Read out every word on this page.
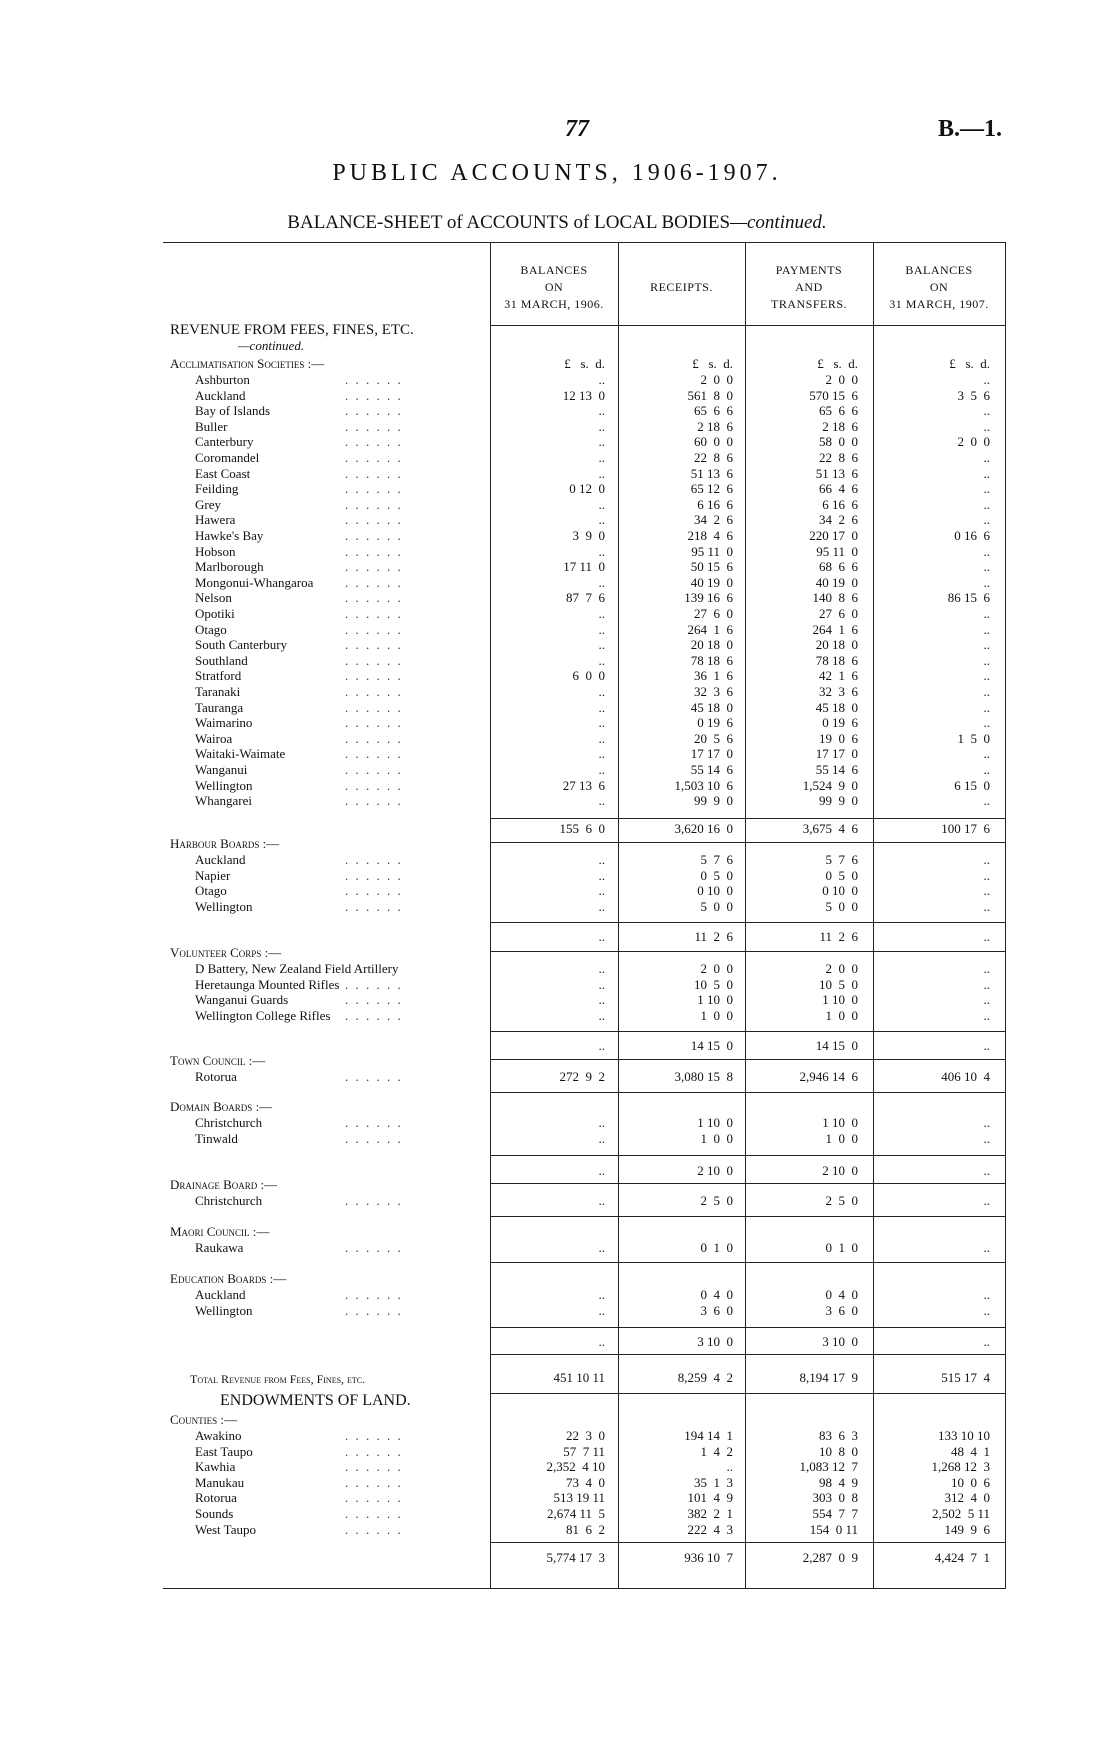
77	B.—1.
PUBLIC ACCOUNTS, 1906-1907.
BALANCE-SHEET of ACCOUNTS of LOCAL BODIES—continued.
BALANCES
ON
31 MARCH, 1906.
RECEIPTS.
PAYMENTS
AND
TRANSFERS.
BALANCES
ON
31 MARCH, 1907.
REVENUE FROM FEES, FINES, ETC.
—continued.
£   s.  d.	£   s.  d.	£   s.  d.	£   s.  d.
Acclimatisation Societies :—
Ashburton	. . . . . .	..	2  0  0	2  0  0	..
Auckland	. . . . . .	12 13  0	561  8  0	570 15  6	3  5  6
Bay of Islands	. . . . . .	..	65  6  6	65  6  6	..
Buller	. . . . . .	..	2 18  6	2 18  6	..
Canterbury	. . . . . .	..	60  0  0	58  0  0	2  0  0
Coromandel	. . . . . .	..	22  8  6	22  8  6	..
East Coast	. . . . . .	..	51 13  6	51 13  6	..
Feilding	. . . . . .	0 12  0	65 12  6	66  4  6	..
Grey	. . . . . .	..	6 16  6	6 16  6	..
Hawera	. . . . . .	..	34  2  6	34  2  6	..
Hawke's Bay	. . . . . .	3  9  0	218  4  6	220 17  0	0 16  6
Hobson	. . . . . .	..	95 11  0	95 11  0	..
Marlborough	. . . . . .	17 11  0	50 15  6	68  6  6	..
Mongonui-Whangaroa . . . . . .	..	40 19  0	40 19  0	..
Nelson	. . . . . .	87  7  6	139 16  6	140  8  6	86 15  6
Opotiki	. . . . . .	..	27  6  0	27  6  0	..
Otago	. . . . . .	..	264  1  6	264  1  6	..
South Canterbury	. . . . . .	..	20 18  0	20 18  0	..
Southland	. . . . . .	..	78 18  6	78 18  6	..
Stratford	. . . . . .	6  0  0	36  1  6	42  1  6	..
Taranaki	. . . . . .	..	32  3  6	32  3  6	..
Tauranga	. . . . . .	..	45 18  0	45 18  0	..
Waimarino	. . . . . .	..	0 19  6	0 19  6	..
Wairoa	. . . . . .	..	20  5  6	19  0  6	1  5  0
Waitaki-Waimate	. . . . . .	..	17 17  0	17 17  0	..
Wanganui	. . . . . .	..	55 14  6	55 14  6	..
Wellington	. . . . . .	27 13  6	1,503 10  6	1,524  9  0	6 15  0
Whangarei	. . . . . .	..	99  9  0	99  9  0	..
155  6  0	3,620 16  0	3,675  4  6	100 17  6
Harbour Boards :—
Auckland	. . . . . .	..	5  7  6	5  7  6	..
Napier	. . . . . .	..	0  5  0	0  5  0	..
Otago	. . . . . .	..	0 10  0	0 10  0	..
Wellington	. . . . . .	..	5  0  0	5  0  0	..
..	11  2  6	11  2  6	..
Volunteer Corps :—
D Battery, New Zealand Field Artillery	..	2  0  0	2  0  0	..
Heretaunga Mounted Rifles . . . . . .	..	10  5  0	10  5  0	..
Wanganui Guards	. . . . . .	..	1 10  0	1 10  0	..
Wellington College Rifles . . . . . .	..	1  0  0	1  0  0	..
..	14 15  0	14 15  0	..
Town Council :—
Rotorua	. . . . . .	272  9  2	3,080 15  8	2,946 14  6	406 10  4
Domain Boards :—
Christchurch	. . . . . .	..	1 10  0	1 10  0	..
Tinwald	. . . . . .	..	1  0  0	1  0  0	..
..	2 10  0	2 10  0	..
Drainage Board :—
Christchurch	. . . . . .	..	2  5  0	2  5  0	..
Maori Council :—
Raukawa	. . . . . .	..	0  1  0	0  1  0	..
Education Boards :—
Auckland	. . . . . .	..	0  4  0	0  4  0	..
Wellington	. . . . . .	..	3  6  0	3  6  0	..
..	3 10  0	3 10  0	..
Total Revenue from Fees, Fines, etc.	451 10 11	8,259  4  2	8,194 17  9	515 17  4
ENDOWMENTS OF LAND.
Counties :—
Awakino	. . . . . .	22  3  0	194 14  1	83  6  3	133 10 10
East Taupo	. . . . . .	57  7 11	1  4  2	10  8  0	48  4  1
Kawhia	. . . . . .	2,352  4 10	..	1,083 12  7	1,268 12  3
Manukau	. . . . . .	73  4  0	35  1  3	98  4  9	10  0  6
Rotorua	. . . . . .	513 19 11	101  4  9	303  0  8	312  4  0
Sounds	. . . . . .	2,674 11  5	382  2  1	554  7  7	2,502  5 11
West Taupo	. . . . . .	81  6  2	222  4  3	154  0 11	149  9  6
5,774 17  3	936 10  7	2,287  0  9	4,424  7  1
